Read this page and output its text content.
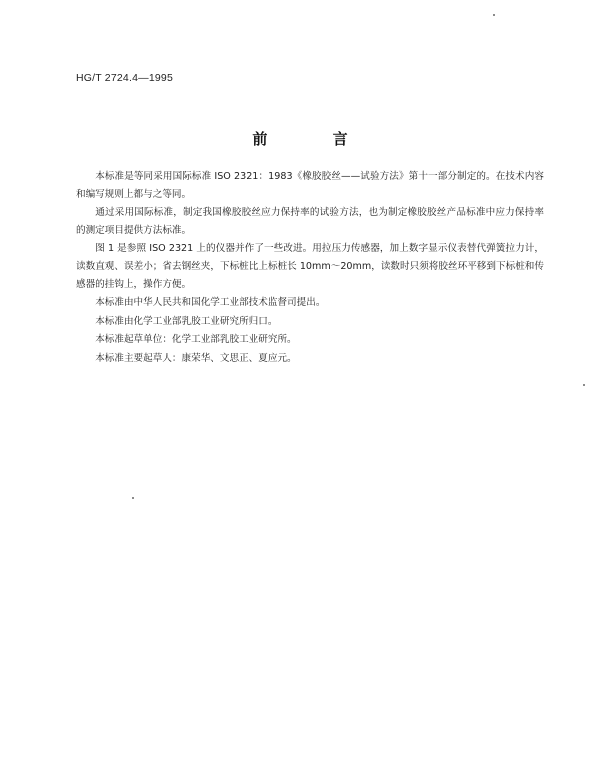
HG/T 2724.4—1995
前 言

本标准是等同采用国际标准 ISO 2321：1983《橡胶胶丝——试验方法》第十一部分制定的。在技术内容和编写规则上都与之等同。

通过采用国际标准，制定我国橡胶胶丝应力保持率的试验方法，也为制定橡胶胶丝产品标准中应力保持率的测定项目提供方法标准。

图 1 是参照 ISO 2321 上的仪器并作了一些改进。用拉压力传感器，加上数字显示仪表替代弹簧拉力计，读数直观、误差小；省去钢丝夹，下标桩比上标桩长 10mm～20mm，读数时只须将胶丝环平移到下标桩和传感器的挂钩上，操作方便。

本标准由中华人民共和国化学工业部技术监督司提出。

本标准由化学工业部乳胶工业研究所归口。

本标准起草单位：化学工业部乳胶工业研究所。

本标准主要起草人：康荣华、文思正、夏应元。
